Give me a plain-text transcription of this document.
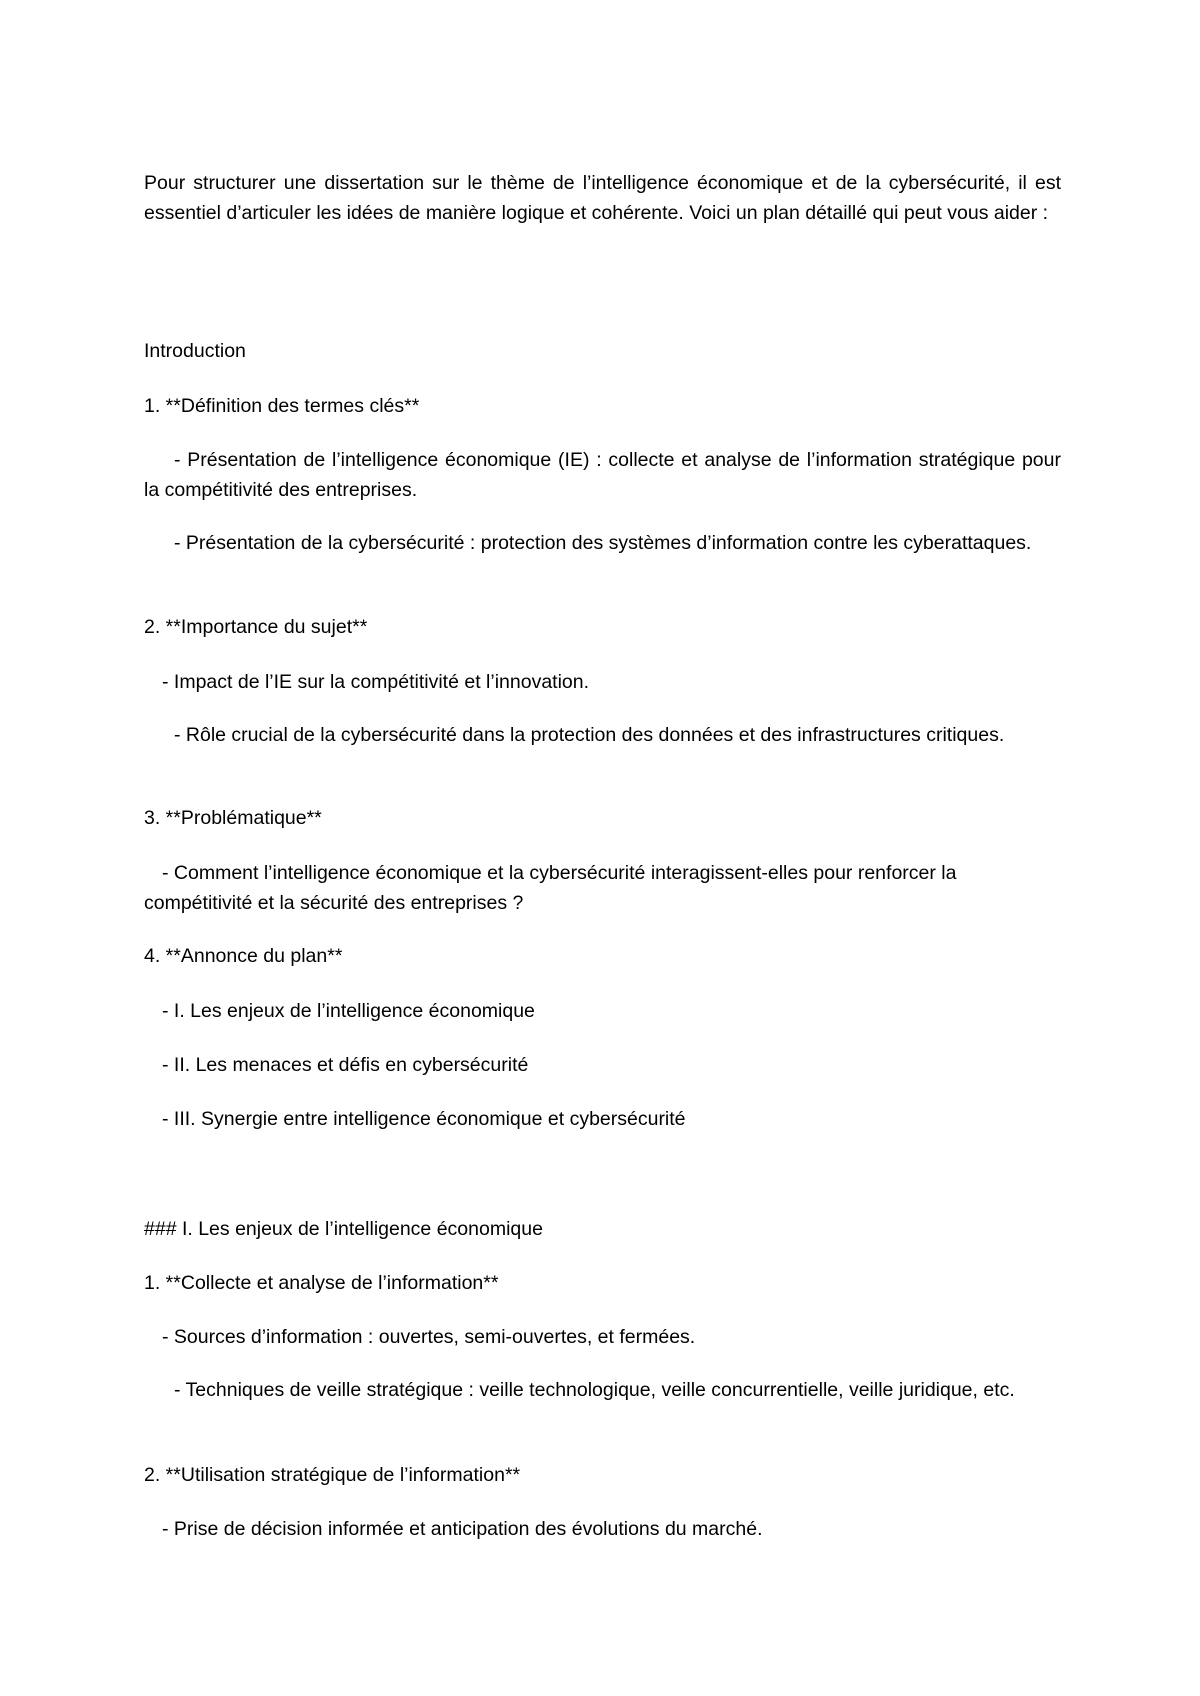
Pour structurer une dissertation sur le thème de l’intelligence économique et de la cybersécurité, il est essentiel d’articuler les idées de manière logique et cohérente. Voici un plan détaillé qui peut vous aider :

Introduction

1. **Définition des termes clés**

- Présentation de l’intelligence économique (IE) : collecte et analyse de l’information stratégique pour la compétitivité des entreprises.

- Présentation de la cybersécurité : protection des systèmes d’information contre les cyberattaques.

2. **Importance du sujet**

- Impact de l’IE sur la compétitivité et l’innovation.

- Rôle crucial de la cybersécurité dans la protection des données et des infrastructures critiques.

3. **Problématique**

- Comment l’intelligence économique et la cybersécurité interagissent-elles pour renforcer la compétitivité et la sécurité des entreprises ?

4. **Annonce du plan**

- I. Les enjeux de l’intelligence économique

- II. Les menaces et défis en cybersécurité

- III. Synergie entre intelligence économique et cybersécurité

### I. Les enjeux de l’intelligence économique

1. **Collecte et analyse de l’information**

- Sources d’information : ouvertes, semi-ouvertes, et fermées.

- Techniques de veille stratégique : veille technologique, veille concurrentielle, veille juridique, etc.

2. **Utilisation stratégique de l’information**

- Prise de décision informée et anticipation des évolutions du marché.
